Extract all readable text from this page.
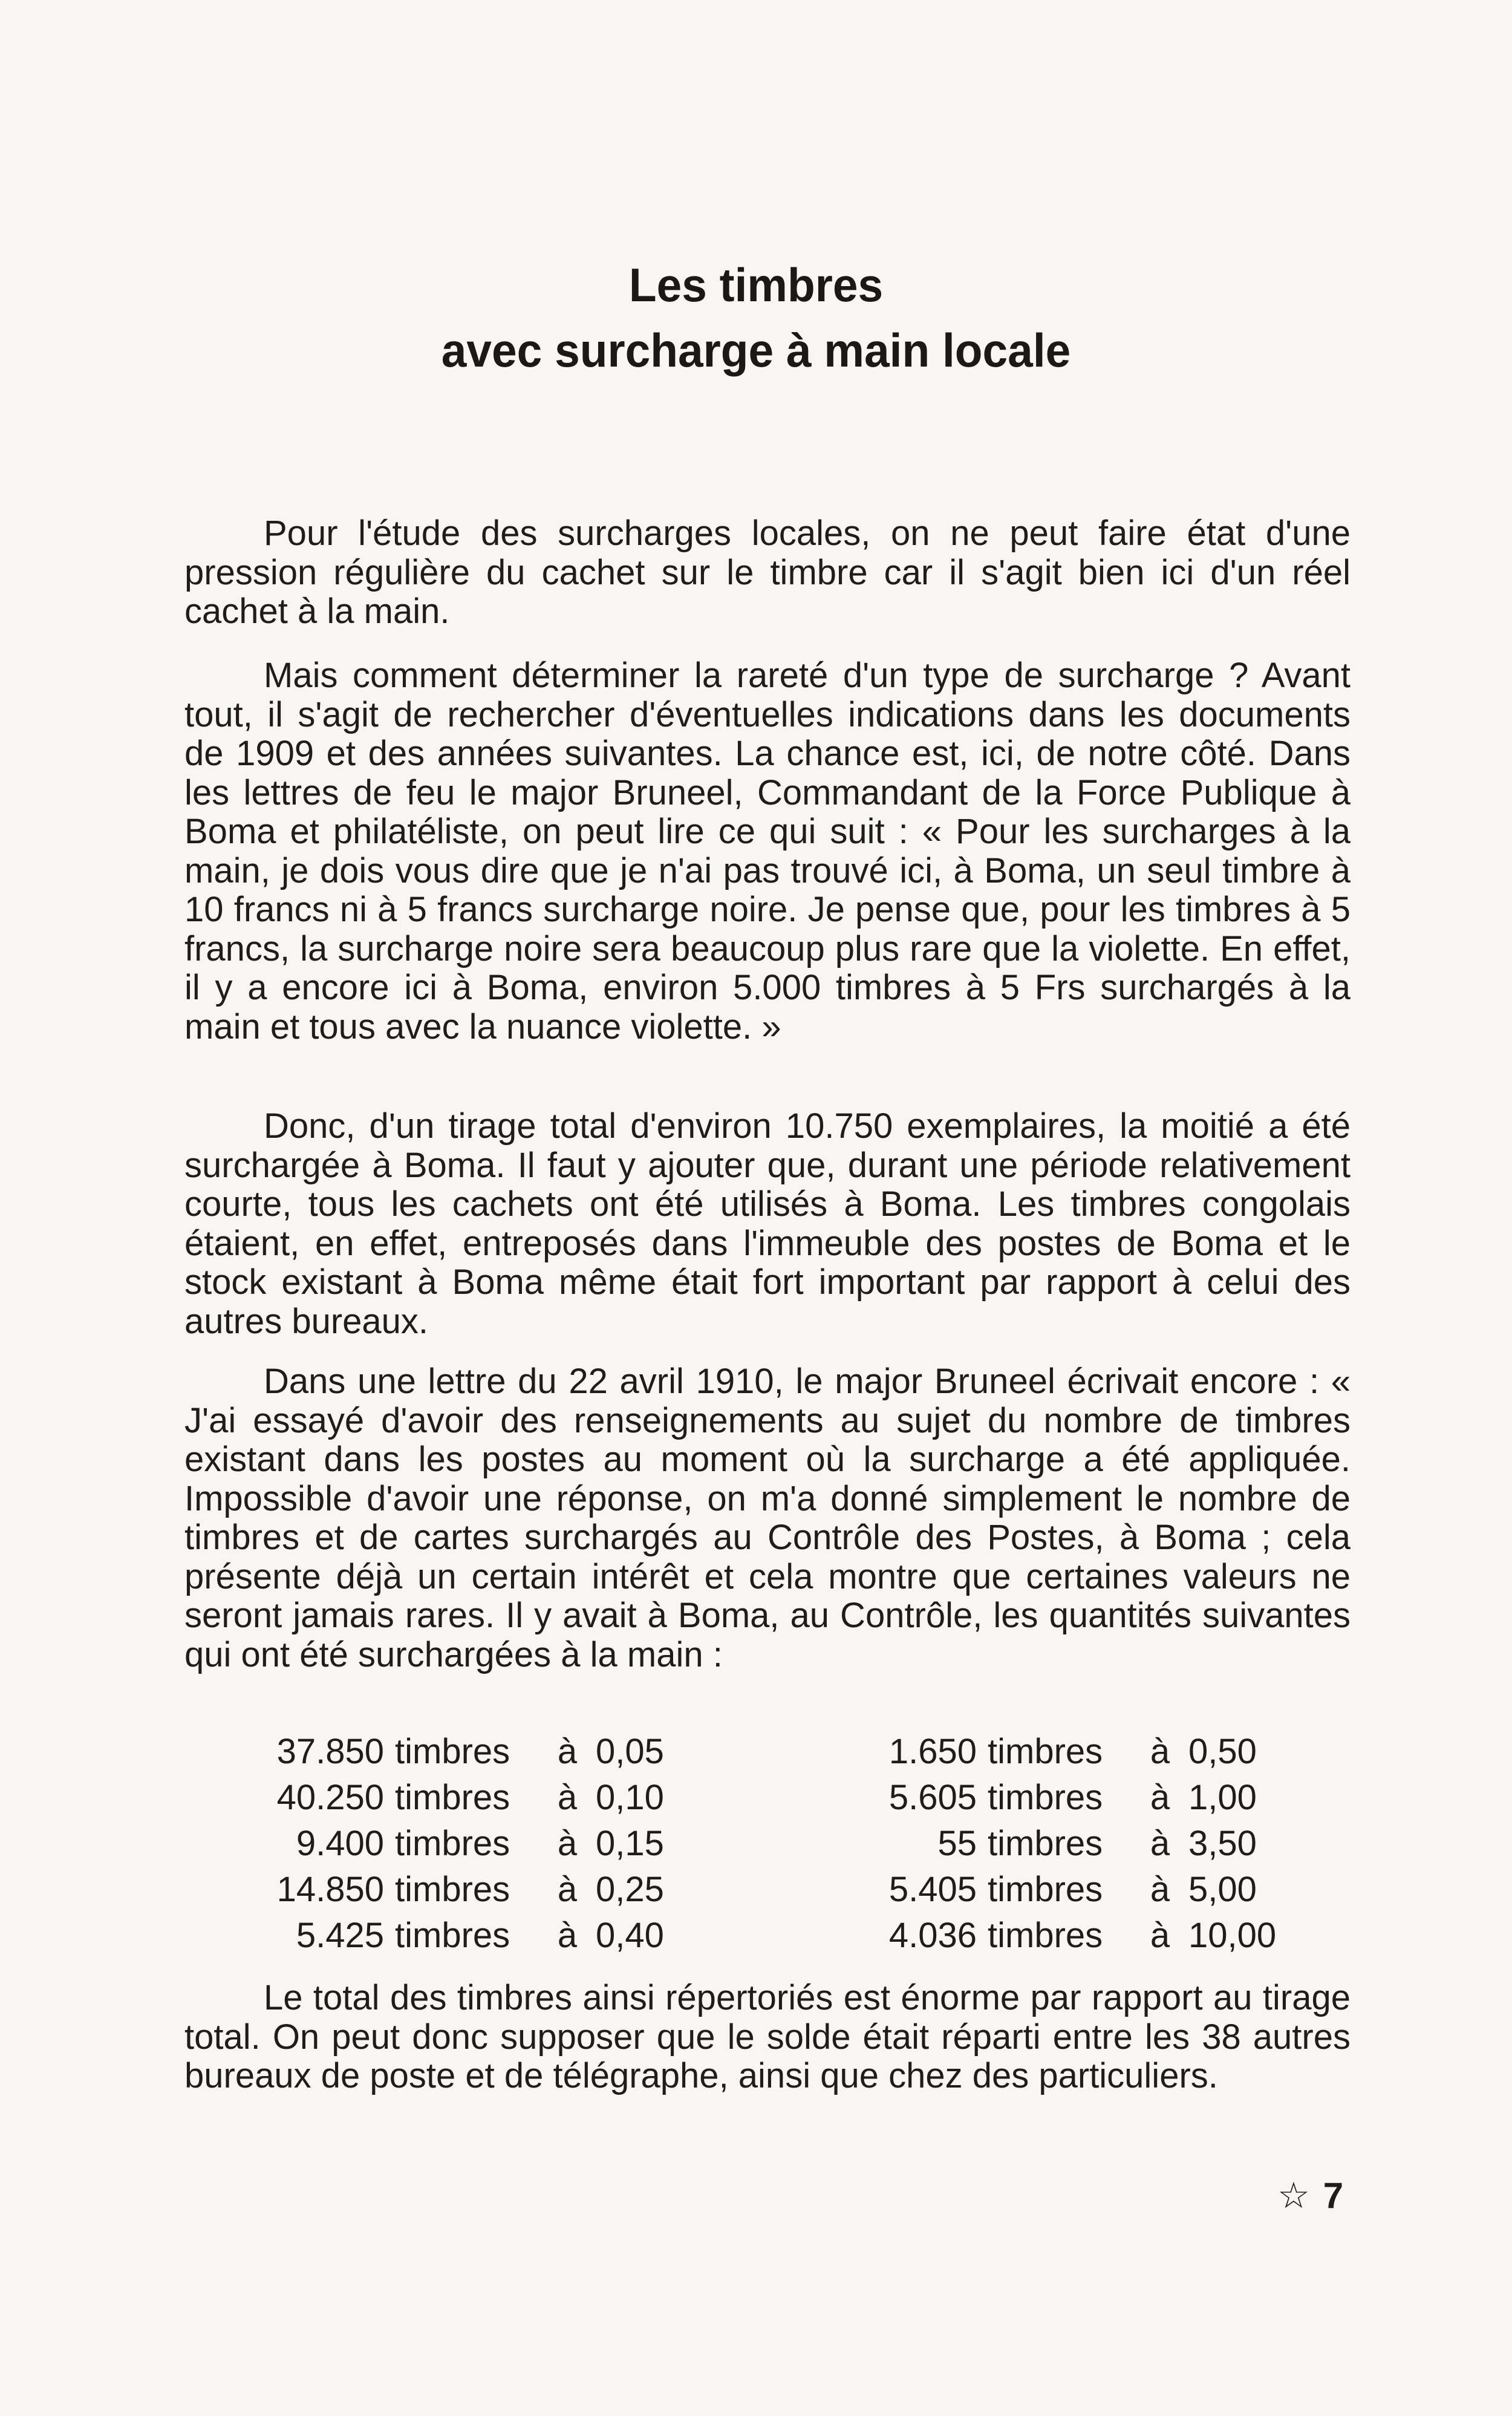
Les timbres
avec surcharge à main locale

Pour l'étude des surcharges locales, on ne peut faire état d'une pression régulière du cachet sur le timbre car il s'agit bien ici d'un réel cachet à la main.

Mais comment déterminer la rareté d'un type de surcharge ? Avant tout, il s'agit de rechercher d'éventuelles indications dans les documents de 1909 et des années suivantes. La chance est, ici, de notre côté. Dans les lettres de feu le major Bruneel, Commandant de la Force Publique à Boma et philatéliste, on peut lire ce qui suit : « Pour les surcharges à la main, je dois vous dire que je n'ai pas trouvé ici, à Boma, un seul timbre à 10 francs ni à 5 francs surcharge noire. Je pense que, pour les timbres à 5 francs, la surcharge noire sera beaucoup plus rare que la violette. En effet, il y a encore ici à Boma, environ 5.000 timbres à 5 Frs surchargés à la main et tous avec la nuance violette. »

Donc, d'un tirage total d'environ 10.750 exemplaires, la moitié a été surchargée à Boma. Il faut y ajouter que, durant une période relativement courte, tous les cachets ont été utilisés à Boma. Les timbres congolais étaient, en effet, entreposés dans l'immeuble des postes de Boma et le stock existant à Boma même était fort important par rapport à celui des autres bureaux.

Dans une lettre du 22 avril 1910, le major Bruneel écrivait encore : « J'ai essayé d'avoir des renseignements au sujet du nombre de timbres existant dans les postes au moment où la surcharge a été appliquée. Impossible d'avoir une réponse, on m'a donné simplement le nombre de timbres et de cartes surchargés au Contrôle des Postes, à Boma ; cela présente déjà un certain intérêt et cela montre que certaines valeurs ne seront jamais rares. Il y avait à Boma, au Contrôle, les quantités suivantes qui ont été surchargées à la main :

37.850 timbres à 0,05
40.250 timbres à 0,10
9.400 timbres à 0,15
14.850 timbres à 0,25
5.425 timbres à 0,40
1.650 timbres à 0,50
5.605 timbres à 1,00
55 timbres à 3,50
5.405 timbres à 5,00
4.036 timbres à 10,00

Le total des timbres ainsi répertoriés est énorme par rapport au tirage total. On peut donc supposer que le solde était réparti entre les 38 autres bureaux de poste et de télégraphe, ainsi que chez des particuliers.

☆ 7
